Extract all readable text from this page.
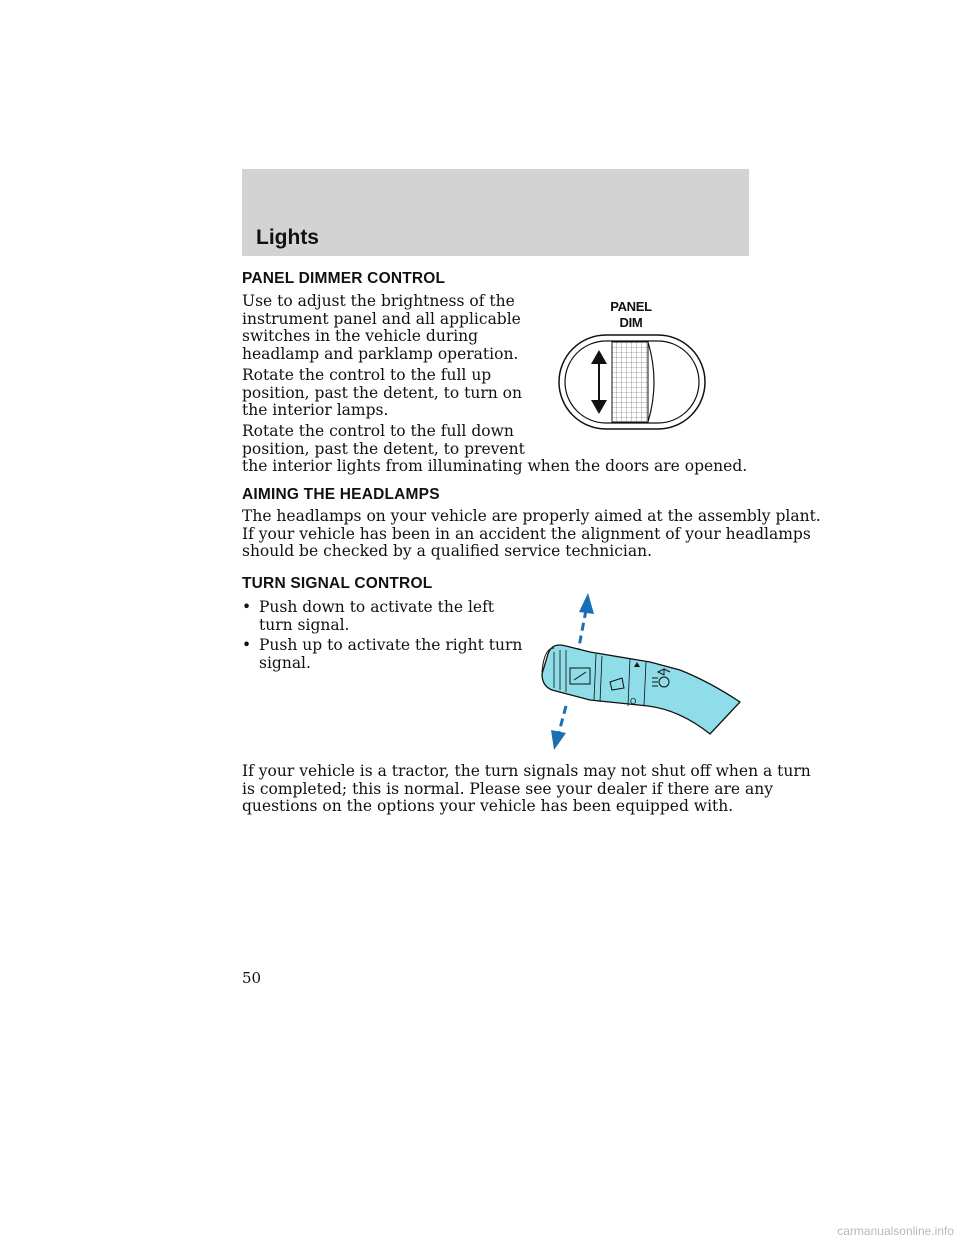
Lights
PANEL DIMMER CONTROL
Use to adjust the brightness of the
instrument panel and all applicable
switches in the vehicle during
headlamp and parklamp operation.
Rotate the control to the full up
position, past the detent, to turn on
the interior lamps.
Rotate the control to the full down
position, past the detent, to prevent
the interior lights from illuminating when the doors are opened.
PANEL
DIM
AIMING THE HEADLAMPS
The headlamps on your vehicle are properly aimed at the assembly plant.
If your vehicle has been in an accident the alignment of your headlamps
should be checked by a qualified service technician.
TURN SIGNAL CONTROL
• Push down to activate the left
turn signal.
• Push up to activate the right turn
signal.
O
If your vehicle is a tractor, the turn signals may not shut off when a turn
is completed; this is normal. Please see your dealer if there are any
questions on the options your vehicle has been equipped with.
50
carmanualsonline.info
